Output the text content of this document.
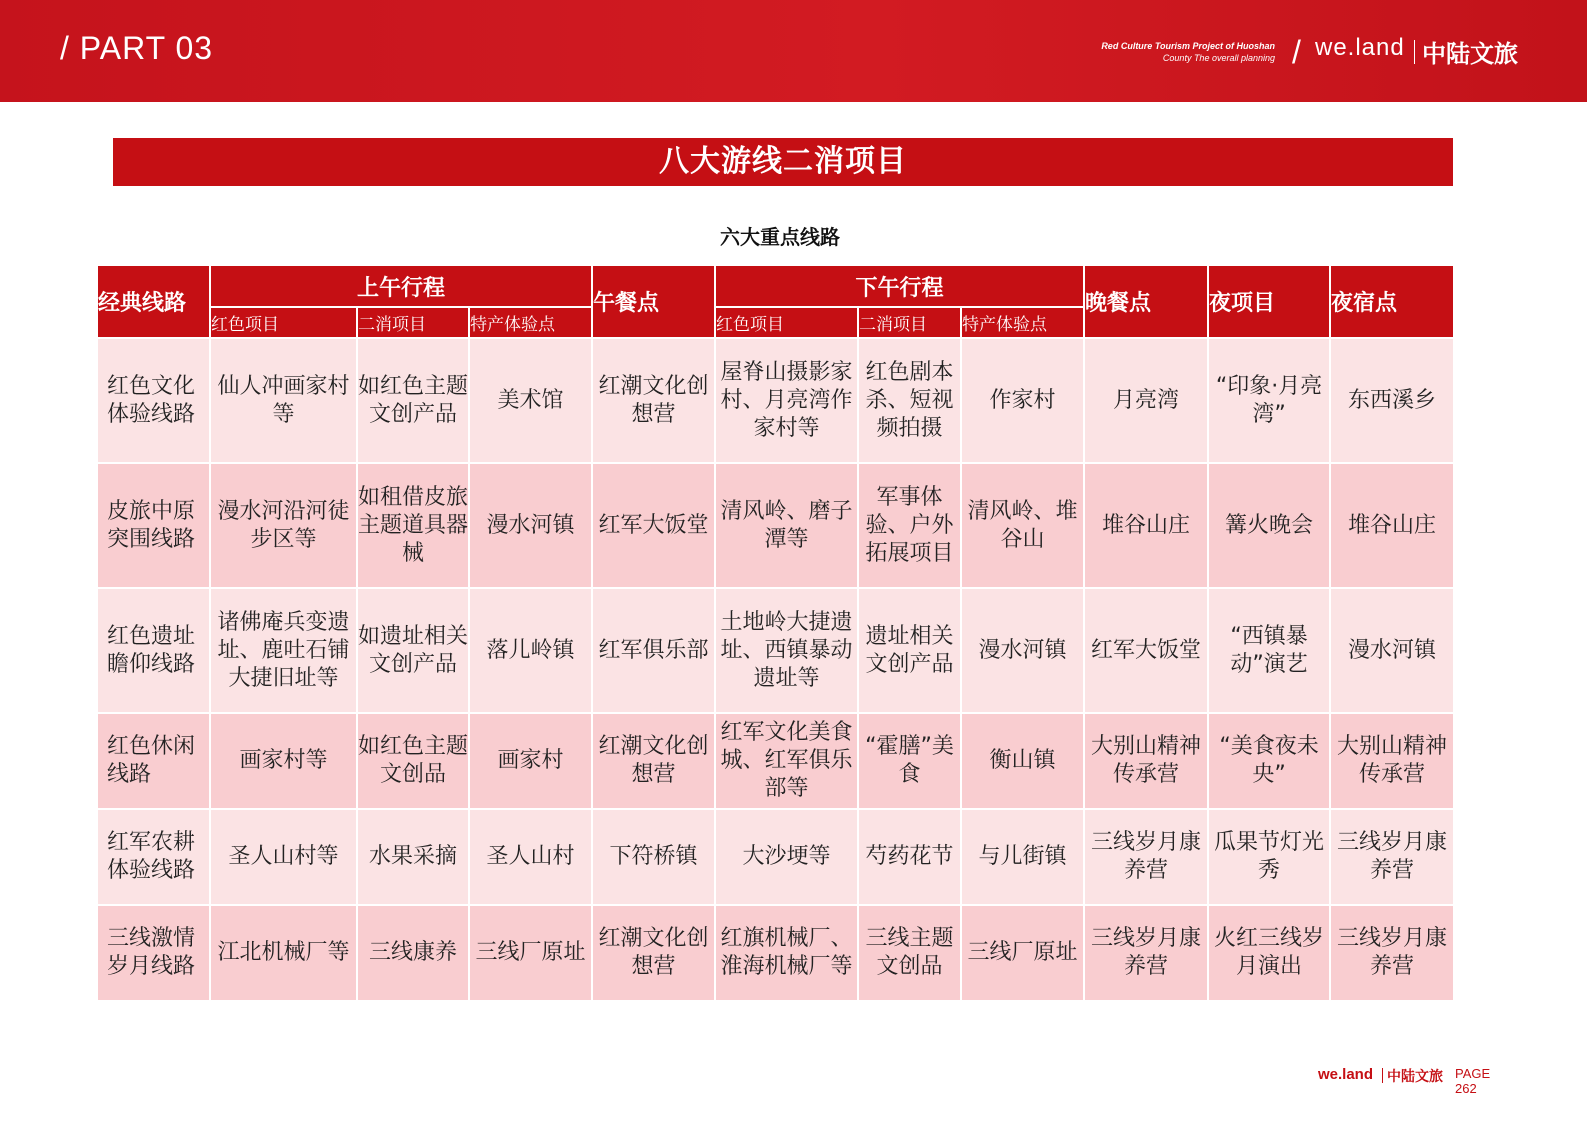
/ PART 03	Red Culture Tourism Project of Huoshan
County The overall planning / we.land 中陆文旅
八大游线二消项目
六大重点线路
经典线路	上午行程			午餐点	下午行程			晚餐点	夜项目	夜宿点
	红色项目	二消项目	特产体验点		红色项目	二消项目	特产体验点			
红色文化体验线路	仙人冲画家村等	如红色主题文创产品	美术馆	红潮文化创想营	屋脊山摄影家村、月亮湾作家村等	红色剧本杀、短视频拍摄	作家村	月亮湾	“印象·月亮湾”	东西溪乡
皮旅中原突围线路	漫水河沿河徒步区等	如租借皮旅主题道具器械	漫水河镇	红军大饭堂	清风岭、磨子潭等	军事体验、户外拓展项目	清风岭、堆谷山	堆谷山庄	篝火晚会	堆谷山庄
红色遗址瞻仰线路	诸佛庵兵变遗址、鹿吐石铺大捷旧址等	如遗址相关文创产品	落儿岭镇	红军俱乐部	土地岭大捷遗址、西镇暴动遗址等	遗址相关文创产品	漫水河镇	红军大饭堂	“西镇暴动”演艺	漫水河镇
红色休闲线路	画家村等	如红色主题文创品	画家村	红潮文化创想营	红军文化美食城、红军俱乐部等	“霍膳”美食	衡山镇	大别山精神传承营	“美食夜未央”	大别山精神传承营
红军农耕体验线路	圣人山村等	水果采摘	圣人山村	下符桥镇	大沙埂等	芍药花节	与儿街镇	三线岁月康养营	瓜果节灯光秀	三线岁月康养营
三线激情岁月线路	江北机械厂等	三线康养	三线厂原址	红潮文化创想营	红旗机械厂、淮海机械厂等	三线主题文创品	三线厂原址	三线岁月康养营	火红三线岁月演出	三线岁月康养营
we.land 中陆文旅 PAGE
262
